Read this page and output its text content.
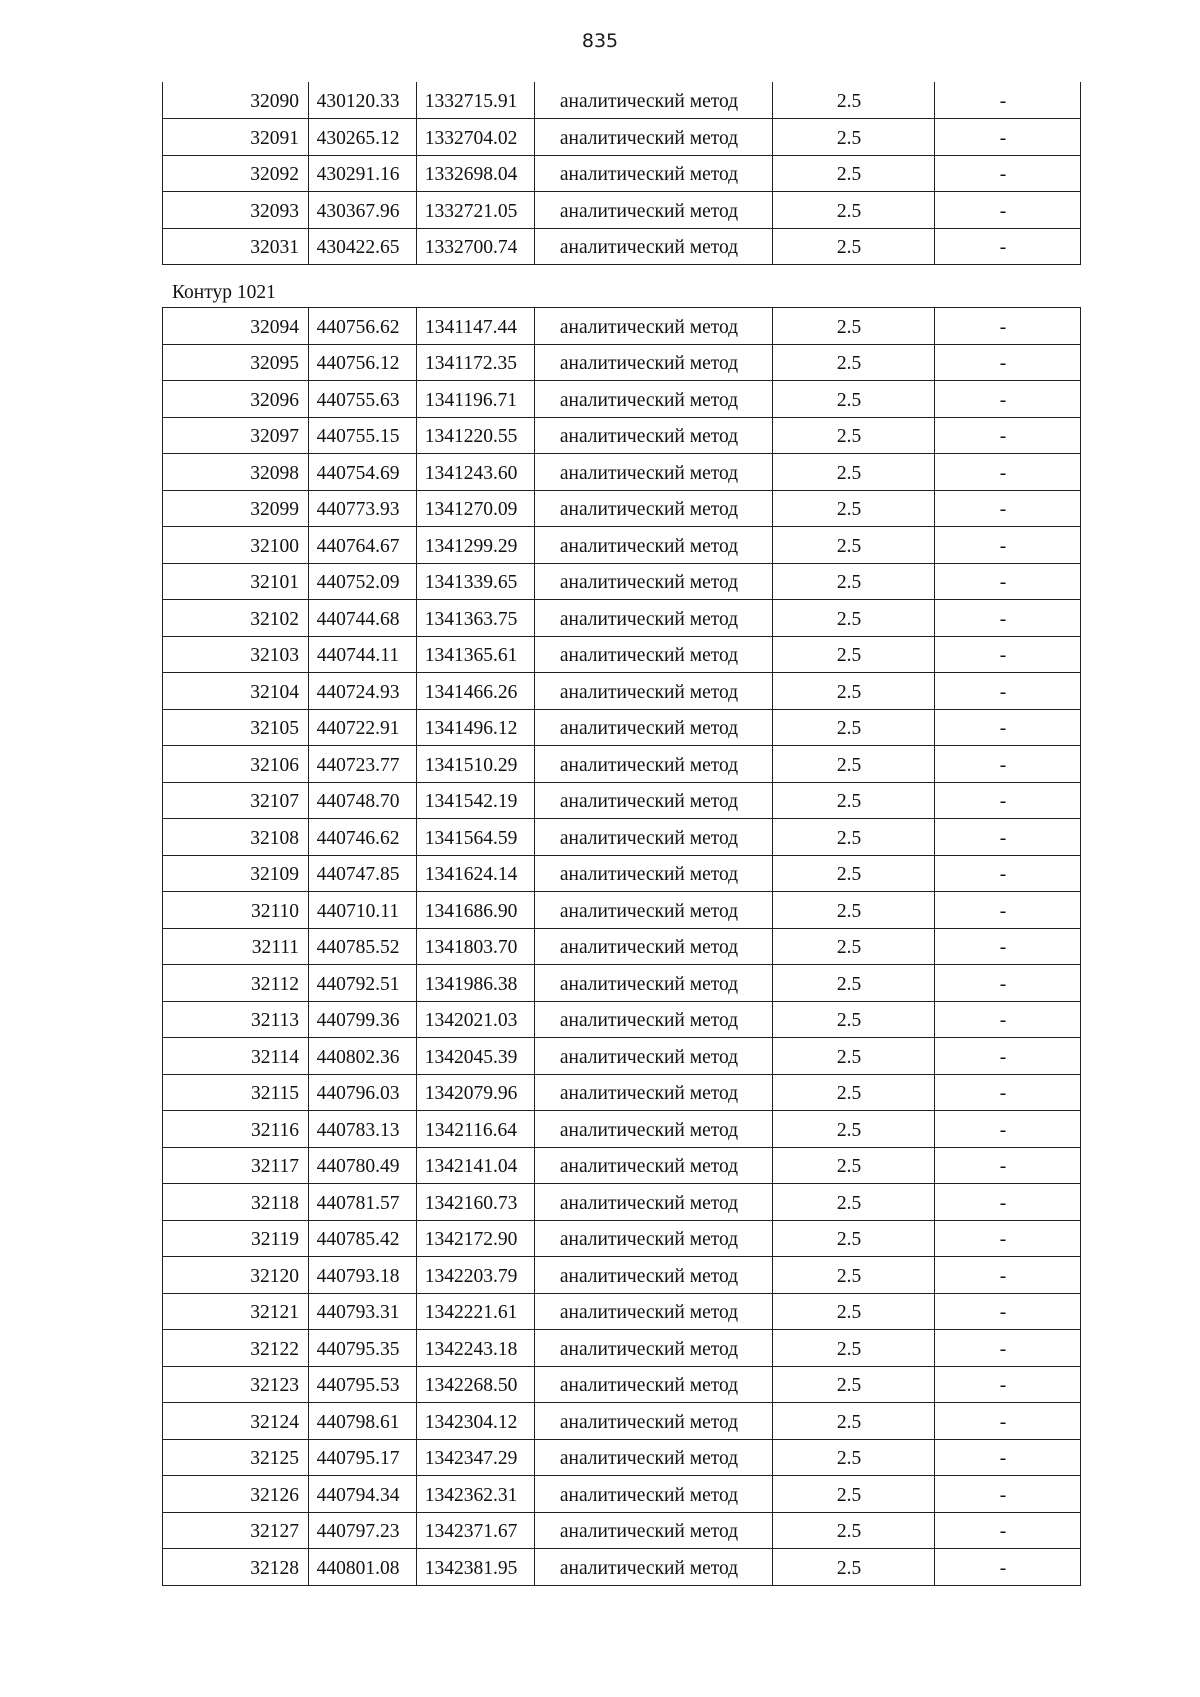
835
32090	430120.33	1332715.91	аналитический метод	2.5	-
32091	430265.12	1332704.02	аналитический метод	2.5	-
32092	430291.16	1332698.04	аналитический метод	2.5	-
32093	430367.96	1332721.05	аналитический метод	2.5	-
32031	430422.65	1332700.74	аналитический метод	2.5	-
Контур 1021
32094	440756.62	1341147.44	аналитический метод	2.5	-
32095	440756.12	1341172.35	аналитический метод	2.5	-
32096	440755.63	1341196.71	аналитический метод	2.5	-
32097	440755.15	1341220.55	аналитический метод	2.5	-
32098	440754.69	1341243.60	аналитический метод	2.5	-
32099	440773.93	1341270.09	аналитический метод	2.5	-
32100	440764.67	1341299.29	аналитический метод	2.5	-
32101	440752.09	1341339.65	аналитический метод	2.5	-
32102	440744.68	1341363.75	аналитический метод	2.5	-
32103	440744.11	1341365.61	аналитический метод	2.5	-
32104	440724.93	1341466.26	аналитический метод	2.5	-
32105	440722.91	1341496.12	аналитический метод	2.5	-
32106	440723.77	1341510.29	аналитический метод	2.5	-
32107	440748.70	1341542.19	аналитический метод	2.5	-
32108	440746.62	1341564.59	аналитический метод	2.5	-
32109	440747.85	1341624.14	аналитический метод	2.5	-
32110	440710.11	1341686.90	аналитический метод	2.5	-
32111	440785.52	1341803.70	аналитический метод	2.5	-
32112	440792.51	1341986.38	аналитический метод	2.5	-
32113	440799.36	1342021.03	аналитический метод	2.5	-
32114	440802.36	1342045.39	аналитический метод	2.5	-
32115	440796.03	1342079.96	аналитический метод	2.5	-
32116	440783.13	1342116.64	аналитический метод	2.5	-
32117	440780.49	1342141.04	аналитический метод	2.5	-
32118	440781.57	1342160.73	аналитический метод	2.5	-
32119	440785.42	1342172.90	аналитический метод	2.5	-
32120	440793.18	1342203.79	аналитический метод	2.5	-
32121	440793.31	1342221.61	аналитический метод	2.5	-
32122	440795.35	1342243.18	аналитический метод	2.5	-
32123	440795.53	1342268.50	аналитический метод	2.5	-
32124	440798.61	1342304.12	аналитический метод	2.5	-
32125	440795.17	1342347.29	аналитический метод	2.5	-
32126	440794.34	1342362.31	аналитический метод	2.5	-
32127	440797.23	1342371.67	аналитический метод	2.5	-
32128	440801.08	1342381.95	аналитический метод	2.5	-
